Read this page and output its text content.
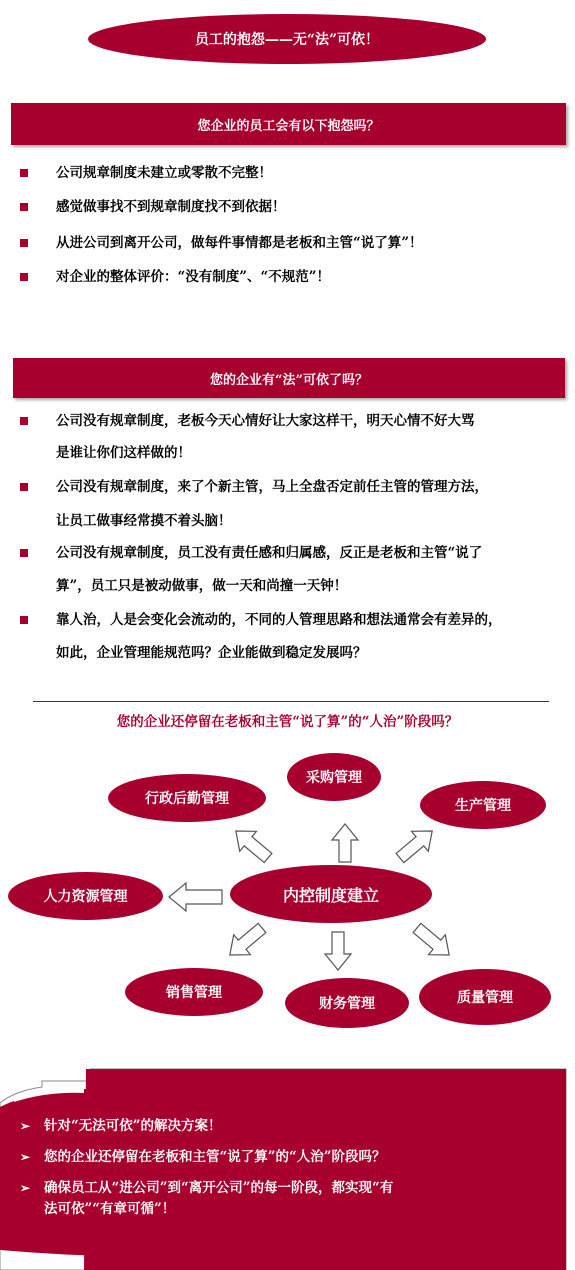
员工的抱怨——无“法”可依！
您企业的员工会有以下抱怨吗？
公司规章制度未建立或零散不完整！
感觉做事找不到规章制度找不到依据！
从进公司到离开公司，做每件事情都是老板和主管“说了算”！
对企业的整体评价：“没有制度”、“不规范”！
您的企业有“法”可依了吗？
公司没有规章制度，老板今天心情好让大家这样干，明天心情不好大骂
是谁让你们这样做的！
公司没有规章制度，来了个新主管，马上全盘否定前任主管的管理方法，
让员工做事经常摸不着头脑！
公司没有规章制度，员工没有责任感和归属感，反正是老板和主管“说了
算”，员工只是被动做事，做一天和尚撞一天钟！
靠人治，人是会变化会流动的，不同的人管理思路和想法通常会有差异的，
如此，企业管理能规范吗？企业能做到稳定发展吗？
您的企业还停留在老板和主管“说了算”的“人治”阶段吗？
采购管理
行政后勤管理	生产管理
人力资源管理	内控制度建立
销售管理
财务管理	质量管理
➢ 针对“无法可依”的解决方案！
➢ 您的企业还停留在老板和主管“说了算”的“人治”阶段吗？
➢ 确保员工从“进公司”到“离开公司”的每一阶段，都实现“有
法可依”“有章可循”！
